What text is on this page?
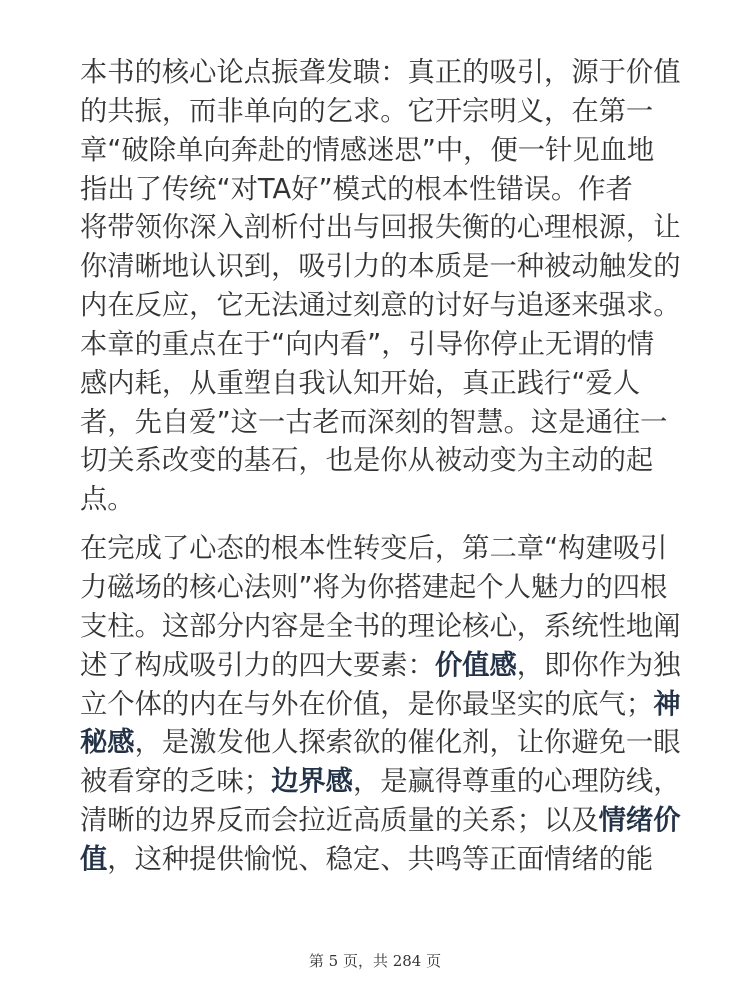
本书的核心论点振聋发聩：真正的吸引，源于价值
的共振，而非单向的乞求。它开宗明义，在第一
章“破除单向奔赴的情感迷思”中，便一针见血地
指出了传统“对TA好”模式的根本性错误。作者
将带领你深入剖析付出与回报失衡的心理根源，让
你清晰地认识到，吸引力的本质是一种被动触发的
内在反应，它无法通过刻意的讨好与追逐来强求。
本章的重点在于“向内看”，引导你停止无谓的情
感内耗，从重塑自我认知开始，真正践行“爱人
者，先自爱”这一古老而深刻的智慧。这是通往一
切关系改变的基石，也是你从被动变为主动的起
点。

在完成了心态的根本性转变后，第二章“构建吸引
力磁场的核心法则”将为你搭建起个人魅力的四根
支柱。这部分内容是全书的理论核心，系统性地阐
述了构成吸引力的四大要素：价值感，即你作为独
立个体的内在与外在价值，是你最坚实的底气；神
秘感，是激发他人探索欲的催化剂，让你避免一眼
被看穿的乏味；边界感，是赢得尊重的心理防线，
清晰的边界反而会拉近高质量的关系；以及情绪价
值，这种提供愉悦、稳定、共鸣等正面情绪的能

第 5 页，共 284 页
